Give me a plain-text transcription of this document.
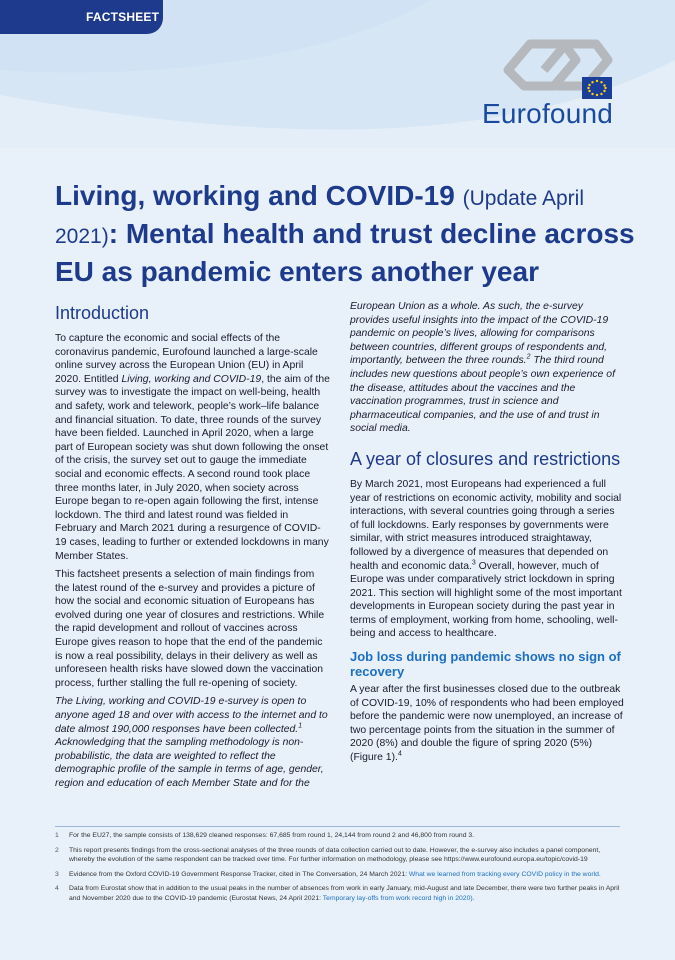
FACTSHEET
Eurofound
Living, working and COVID-19 (Update April 2021): Mental health and trust decline across EU as pandemic enters another year
Introduction

To capture the economic and social effects of the coronavirus pandemic, Eurofound launched a large-scale online survey across the European Union (EU) in April 2020. Entitled Living, working and COVID-19, the aim of the survey was to investigate the impact on well-being, health and safety, work and telework, people’s work–life balance and financial situation. To date, three rounds of the survey have been fielded. Launched in April 2020, when a large part of European society was shut down following the onset of the crisis, the survey set out to gauge the immediate social and economic effects. A second round took place three months later, in July 2020, when society across Europe began to re-open again following the first, intense lockdown. The third and latest round was fielded in February and March 2021 during a resurgence of COVID-19 cases, leading to further or extended lockdowns in many Member States.

This factsheet presents a selection of main findings from the latest round of the e-survey and provides a picture of how the social and economic situation of Europeans has evolved during one year of closures and restrictions. While the rapid development and rollout of vaccines across Europe gives reason to hope that the end of the pandemic is now a real possibility, delays in their delivery as well as unforeseen health risks have slowed down the vaccination process, further stalling the full re-opening of society.

The Living, working and COVID-19 e-survey is open to anyone aged 18 and over with access to the internet and to date almost 190,000 responses have been collected.$^1$ Acknowledging that the sampling methodology is non-probabilistic, the data are weighted to reflect the demographic profile of the sample in terms of age, gender, region and education of each Member State and for the

European Union as a whole. As such, the e-survey provides useful insights into the impact of the COVID-19 pandemic on people’s lives, allowing for comparisons between countries, different groups of respondents and, importantly, between the three rounds.$^2$ The third round includes new questions about people’s own experience of the disease, attitudes about the vaccines and the vaccination programmes, trust in science and pharmaceutical companies, and the use of and trust in social media.

A year of closures and restrictions

By March 2021, most Europeans had experienced a full year of restrictions on economic activity, mobility and social interactions, with several countries going through a series of full lockdowns. Early responses by governments were similar, with strict measures introduced straightaway, followed by a divergence of measures that depended on health and economic data.$^3$ Overall, however, much of Europe was under comparatively strict lockdown in spring 2021. This section will highlight some of the most important developments in European society during the past year in terms of employment, working from home, schooling, well-being and access to healthcare.

Job loss during pandemic shows no sign of recovery

A year after the first businesses closed due to the outbreak of COVID-19, 10% of respondents who had been employed before the pandemic were now unemployed, an increase of two percentage points from the situation in the summer of 2020 (8%) and double the figure of spring 2020 (5%) (Figure 1).$^4$

1	For the EU27, the sample consists of 138,629 cleaned responses: 67,685 from round 1, 24,144 from round 2 and 46,800 from round 3.
2	This report presents findings from the cross-sectional analyses of the three rounds of data collection carried out to date. However, the e-survey also includes a panel component, whereby the evolution of the same respondent can be tracked over time. For further information on methodology, please see https://www.eurofound.europa.eu/topic/covid-19
3	Evidence from the Oxford COVID-19 Government Response Tracker, cited in The Conversation, 24 March 2021: What we learned from tracking every COVID policy in the world.
4	Data from Eurostat show that in addition to the usual peaks in the number of absences from work in early January, mid-August and late December, there were two further peaks in April and November 2020 due to the COVID-19 pandemic (Eurostat News, 24 April 2021: Temporary lay-offs from work record high in 2020).
